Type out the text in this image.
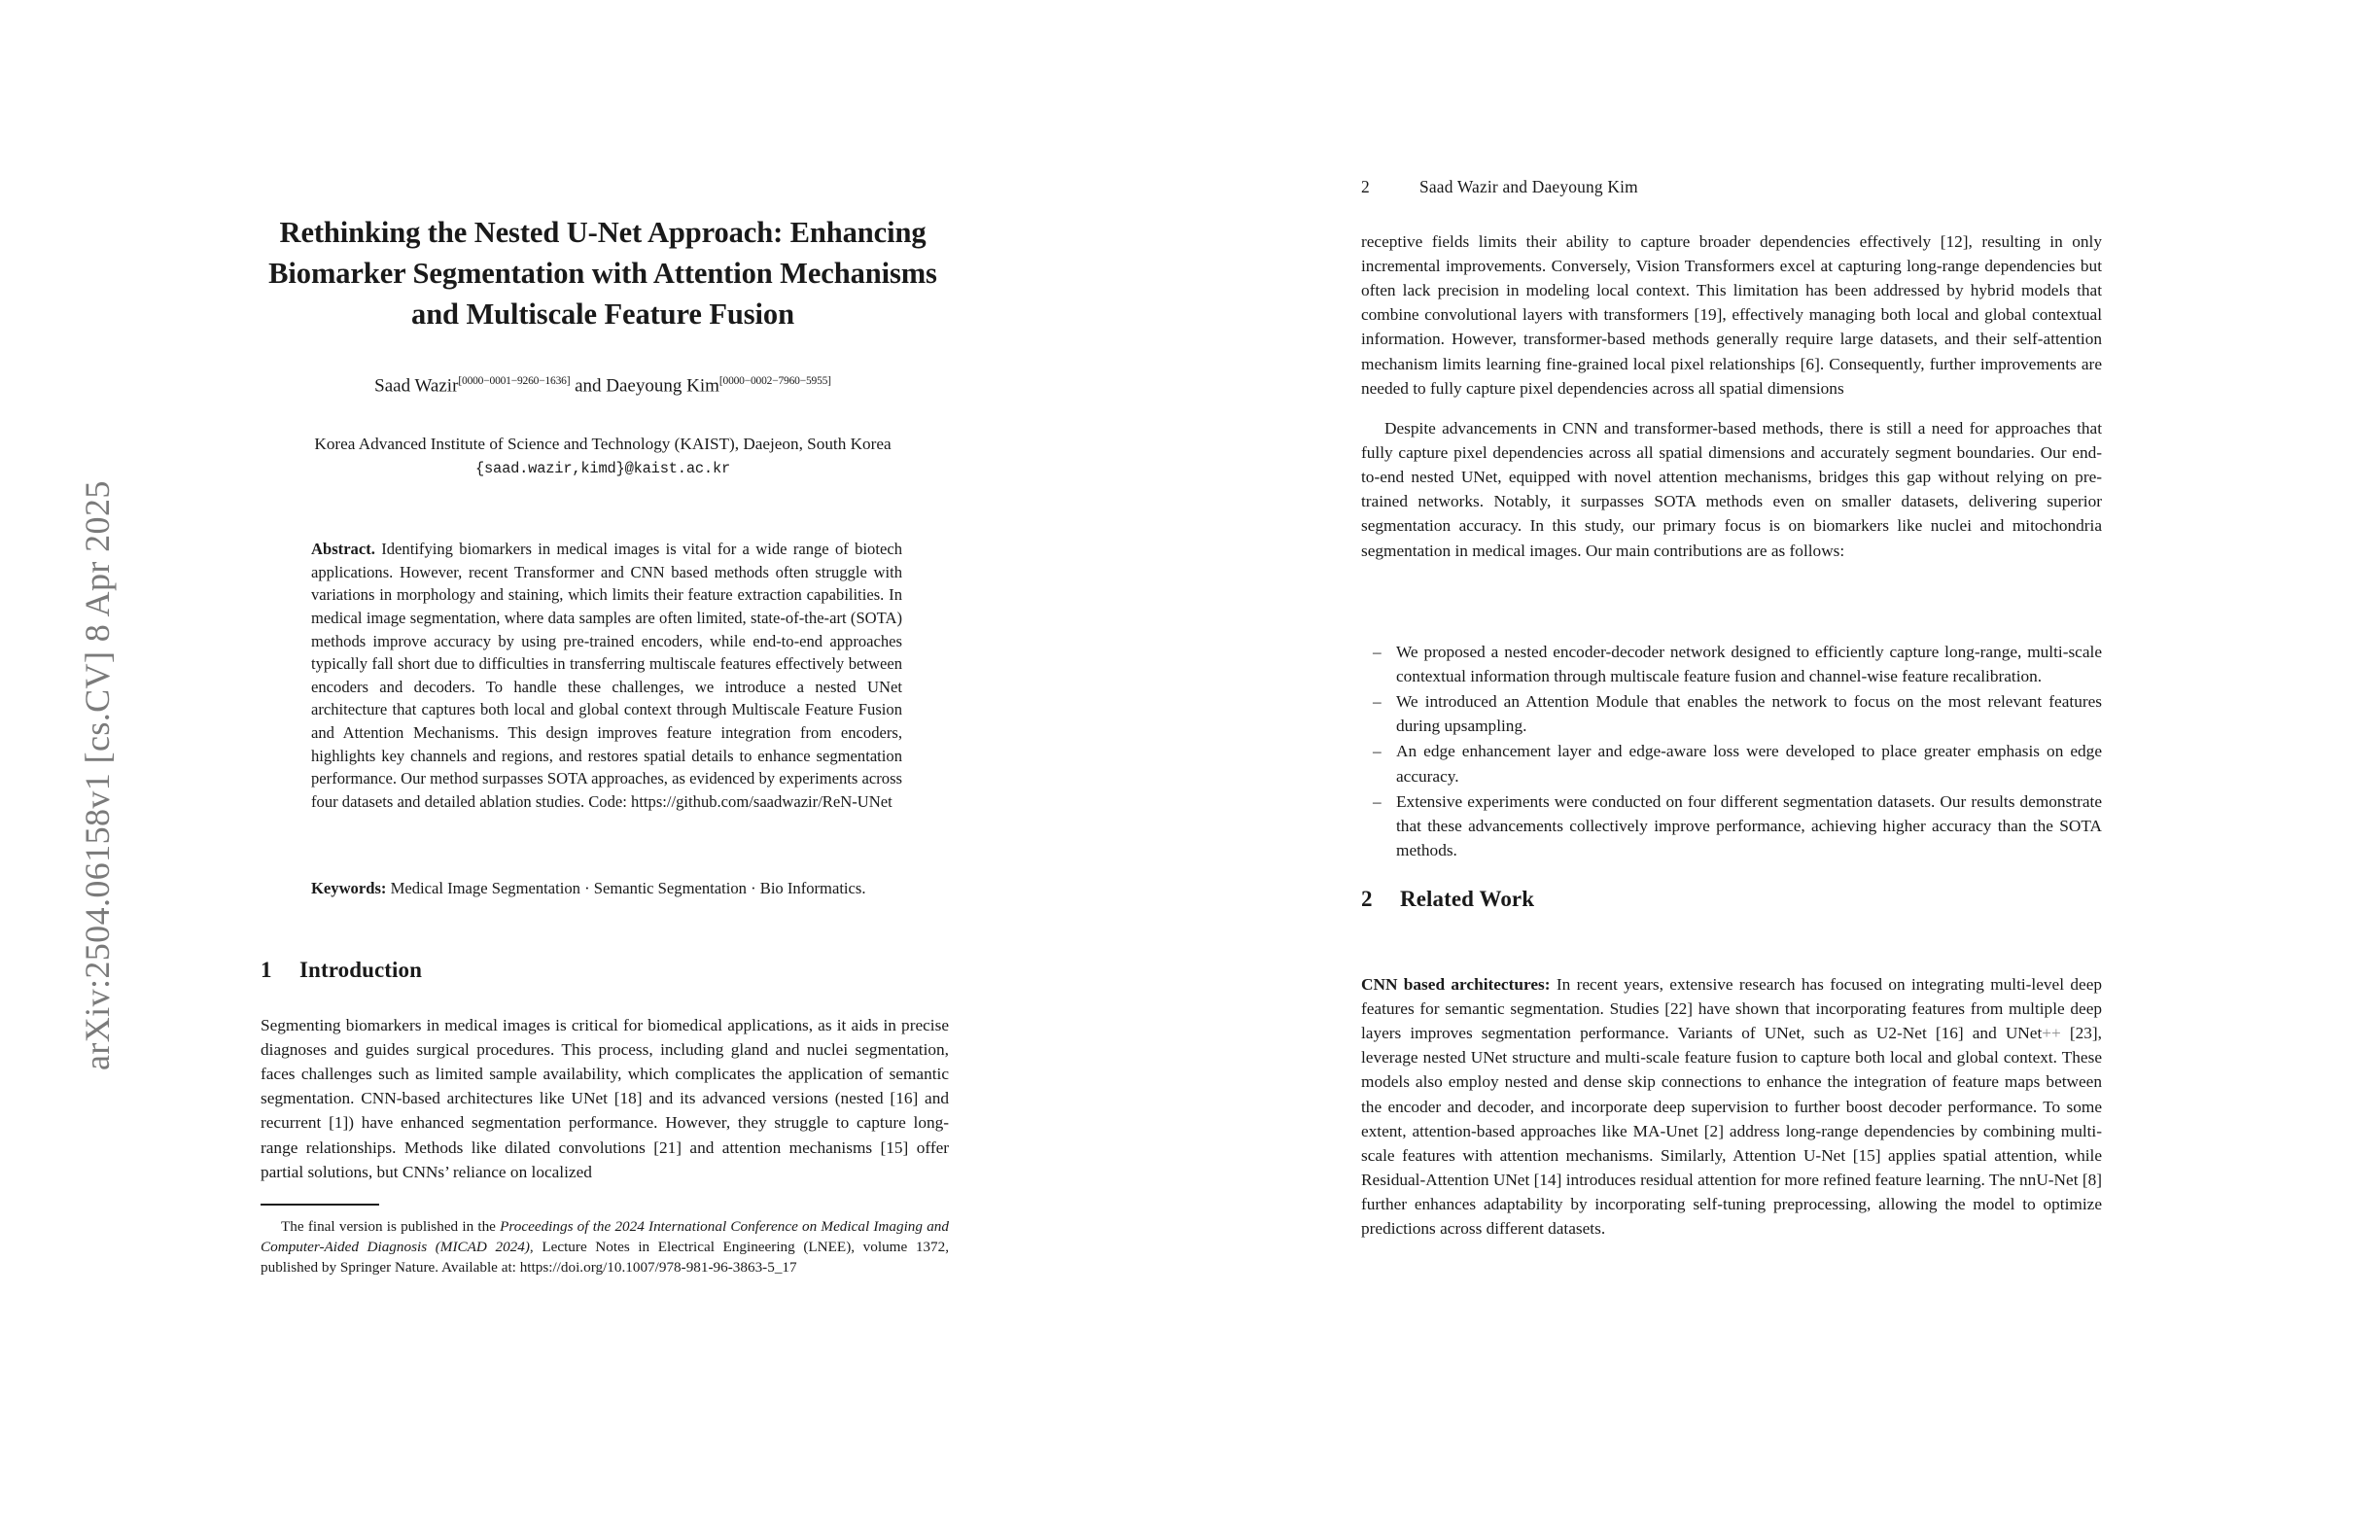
arXiv:2504.06158v1 [cs.CV] 8 Apr 2025
Rethinking the Nested U-Net Approach: Enhancing Biomarker Segmentation with Attention Mechanisms and Multiscale Feature Fusion
Saad Wazir[0000−0001−9260−1636] and Daeyoung Kim[0000−0002−7960−5955]
Korea Advanced Institute of Science and Technology (KAIST), Daejeon, South Korea
{saad.wazir,kimd}@kaist.ac.kr

Abstract. Identifying biomarkers in medical images is vital for a wide range of biotech applications. However, recent Transformer and CNN based methods often struggle with variations in morphology and staining, which limits their feature extraction capabilities. In medical image segmentation, where data samples are often limited, state-of-the-art (SOTA) methods improve accuracy by using pre-trained encoders, while end-to-end approaches typically fall short due to difficulties in transferring multiscale features effectively between encoders and decoders. To handle these challenges, we introduce a nested UNet architecture that captures both local and global context through Multiscale Feature Fusion and Attention Mechanisms. This design improves feature integration from encoders, highlights key channels and regions, and restores spatial details to enhance segmentation performance. Our method surpasses SOTA approaches, as evidenced by experiments across four datasets and detailed ablation studies. Code: https://github.com/saadwazir/ReN-UNet

Keywords: Medical Image Segmentation · Semantic Segmentation · Bio Informatics.

1 Introduction

Segmenting biomarkers in medical images is critical for biomedical applications, as it aids in precise diagnoses and guides surgical procedures. This process, including gland and nuclei segmentation, faces challenges such as limited sample availability, which complicates the application of semantic segmentation. CNN-based architectures like UNet [18] and its advanced versions (nested [16] and recurrent [1]) have enhanced segmentation performance. However, they struggle to capture long-range relationships. Methods like dilated convolutions [21] and attention mechanisms [15] offer partial solutions, but CNNs’ reliance on localized

The final version is published in the Proceedings of the 2024 International Conference on Medical Imaging and Computer-Aided Diagnosis (MICAD 2024), Lecture Notes in Electrical Engineering (LNEE), volume 1372, published by Springer Nature. Available at: https://doi.org/10.1007/978-981-96-3863-5_17

2	Saad Wazir and Daeyoung Kim

receptive fields limits their ability to capture broader dependencies effectively [12], resulting in only incremental improvements. Conversely, Vision Transformers excel at capturing long-range dependencies but often lack precision in modeling local context. This limitation has been addressed by hybrid models that combine convolutional layers with transformers [19], effectively managing both local and global contextual information. However, transformer-based methods generally require large datasets, and their self-attention mechanism limits learning fine-grained local pixel relationships [6]. Consequently, further improvements are needed to fully capture pixel dependencies across all spatial dimensions

Despite advancements in CNN and transformer-based methods, there is still a need for approaches that fully capture pixel dependencies across all spatial dimensions and accurately segment boundaries. Our end-to-end nested UNet, equipped with novel attention mechanisms, bridges this gap without relying on pre-trained networks. Notably, it surpasses SOTA methods even on smaller datasets, delivering superior segmentation accuracy. In this study, our primary focus is on biomarkers like nuclei and mitochondria segmentation in medical images. Our main contributions are as follows:

– We proposed a nested encoder-decoder network designed to efficiently capture long-range, multi-scale contextual information through multiscale feature fusion and channel-wise feature recalibration.
– We introduced an Attention Module that enables the network to focus on the most relevant features during upsampling.
– An edge enhancement layer and edge-aware loss were developed to place greater emphasis on edge accuracy.
– Extensive experiments were conducted on four different segmentation datasets. Our results demonstrate that these advancements collectively improve performance, achieving higher accuracy than the SOTA methods.
2 Related Work

CNN based architectures: In recent years, extensive research has focused on integrating multi-level deep features for semantic segmentation. Studies [22] have shown that incorporating features from multiple deep layers improves segmentation performance. Variants of UNet, such as U2-Net [16] and UNet++ [23], leverage nested UNet structure and multi-scale feature fusion to capture both local and global context. These models also employ nested and dense skip connections to enhance the integration of feature maps between the encoder and decoder, and incorporate deep supervision to further boost decoder performance. To some extent, attention-based approaches like MA-Unet [2] address long-range dependencies by combining multi-scale features with attention mechanisms. Similarly, Attention U-Net [15] applies spatial attention, while Residual-Attention UNet [14] introduces residual attention for more refined feature learning. The nnU-Net [8] further enhances adaptability by incorporating self-tuning preprocessing, allowing the model to optimize predictions across different datasets.
